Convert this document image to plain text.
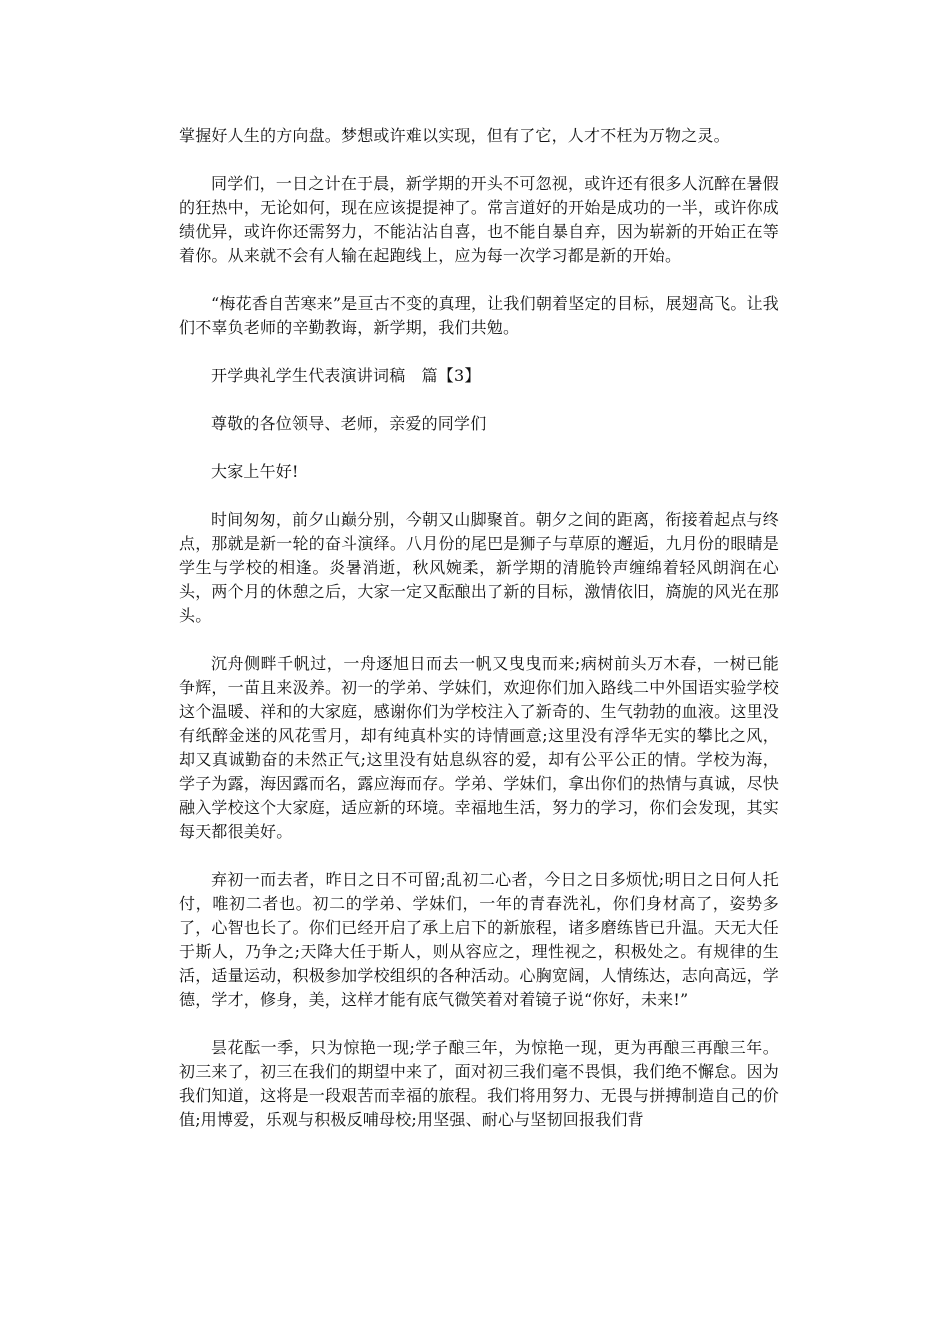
掌握好人生的方向盘。梦想或许难以实现，但有了它，人才不枉为万物之灵。

同学们，一日之计在于晨，新学期的开头不可忽视，或许还有很多人沉醉在暑假的狂热中，无论如何，现在应该提提神了。常言道好的开始是成功的一半，或许你成绩优异，或许你还需努力，不能沾沾自喜，也不能自暴自弃，因为崭新的开始正在等着你。从来就不会有人输在起跑线上，应为每一次学习都是新的开始。

“梅花香自苦寒来”是亘古不变的真理，让我们朝着坚定的目标，展翅高飞。让我们不辜负老师的辛勤教诲，新学期，我们共勉。

开学典礼学生代表演讲词稿　篇【3】

尊敬的各位领导、老师，亲爱的同学们

大家上午好!

时间匆匆，前夕山巅分别，今朝又山脚聚首。朝夕之间的距离，衔接着起点与终点，那就是新一轮的奋斗演绎。八月份的尾巴是狮子与草原的邂逅，九月份的眼睛是学生与学校的相逢。炎暑消逝，秋风婉柔，新学期的清脆铃声缠绵着轻风朗润在心头，两个月的休憩之后，大家一定又酝酿出了新的目标，激情依旧，旖旎的风光在那头。

沉舟侧畔千帆过，一舟逐旭日而去一帆又曳曳而来;病树前头万木春，一树已能争辉，一苗且来汲养。初一的学弟、学妹们，欢迎你们加入路线二中外国语实验学校这个温暖、祥和的大家庭，感谢你们为学校注入了新奇的、生气勃勃的血液。这里没有纸醉金迷的风花雪月，却有纯真朴实的诗情画意;这里没有浮华无实的攀比之风，却又真诚勤奋的未然正气;这里没有姑息纵容的爱，却有公平公正的情。学校为海，学子为露，海因露而名，露应海而存。学弟、学妹们，拿出你们的热情与真诚，尽快融入学校这个大家庭，适应新的环境。幸福地生活，努力的学习，你们会发现，其实每天都很美好。

弃初一而去者，昨日之日不可留;乱初二心者，今日之日多烦忧;明日之日何人托付，唯初二者也。初二的学弟、学妹们，一年的青春洗礼，你们身材高了，姿势多了，心智也长了。你们已经开启了承上启下的新旅程，诸多磨练皆已升温。天无大任于斯人，乃争之;天降大任于斯人，则从容应之，理性视之，积极处之。有规律的生活，适量运动，积极参加学校组织的各种活动。心胸宽阔，人情练达，志向高远，学德，学才，修身，美，这样才能有底气微笑着对着镜子说“你好，未来!”

昙花酝一季，只为惊艳一现;学子酿三年，为惊艳一现，更为再酿三再酿三年。初三来了，初三在我们的期望中来了，面对初三我们毫不畏惧，我们绝不懈怠。因为我们知道，这将是一段艰苦而幸福的旅程。我们将用努力、无畏与拼搏制造自己的价值;用博爱，乐观与积极反哺母校;用坚强、耐心与坚韧回报我们背
